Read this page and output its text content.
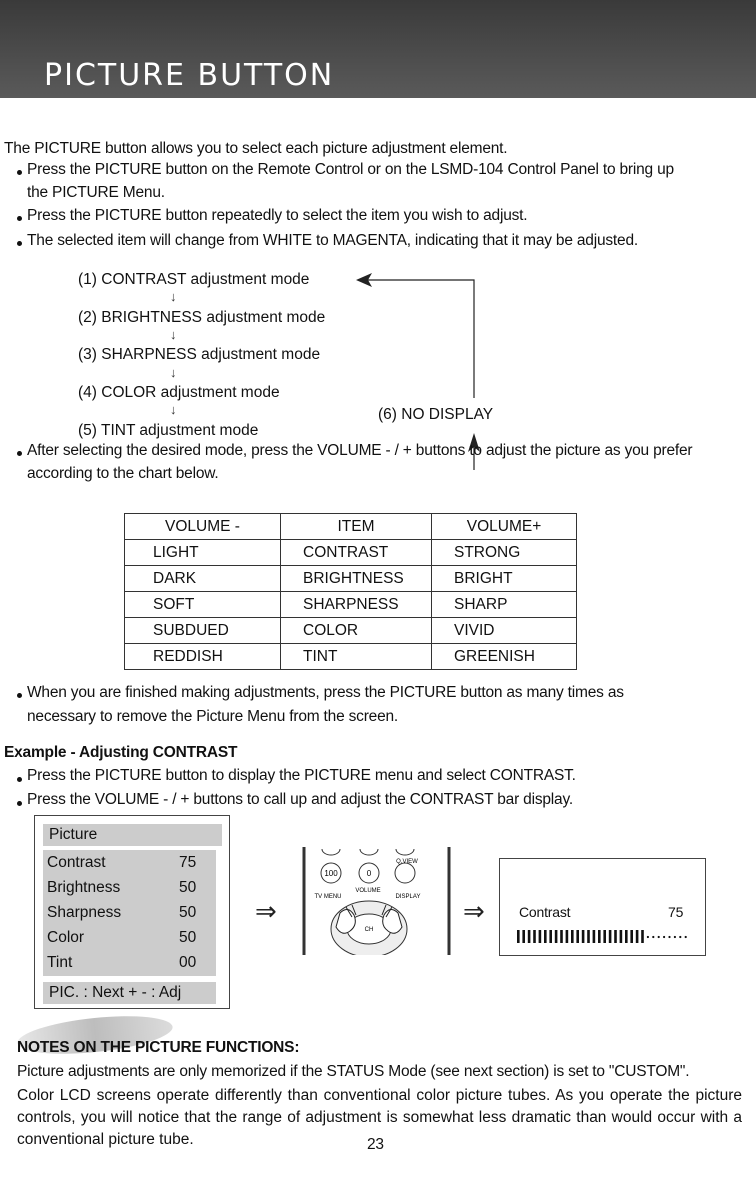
PICTURE BUTTON
The PICTURE button allows you to select each picture adjustment element.
Press the PICTURE button on the Remote Control or on the LSMD-104 Control Panel to bring up
the PICTURE Menu.
Press the PICTURE button repeatedly to select the item you wish to adjust.
The selected item will change from WHITE to MAGENTA, indicating that it may be adjusted.
(1) CONTRAST adjustment mode
↓
(2) BRIGHTNESS adjustment mode
↓
(3) SHARPNESS adjustment mode
↓
(4) COLOR adjustment mode
↓
(5) TINT adjustment mode
(6) NO DISPLAY
After selecting the desired mode, press the VOLUME - / + buttons to adjust the picture as you prefer
according to the chart below.
VOLUME -	ITEM	VOLUME+
LIGHT	CONTRAST	STRONG
DARK	BRIGHTNESS	BRIGHT
SOFT	SHARPNESS	SHARP
SUBDUED	COLOR	VIVID
REDDISH	TINT	GREENISH
When you are finished making adjustments, press the PICTURE button as many times as
necessary to remove the Picture Menu from the screen.
Example - Adjusting CONTRAST
Press the PICTURE button to display the PICTURE menu and select CONTRAST.
Press the VOLUME - / + buttons to call up and adjust the CONTRAST bar display.
Picture
Contrast	75
Brightness	50
Sharpness	50
Color	50
Tint	00
PIC. : Next + - : Adj
⇒	⇒
100	0
Q.VIEW
TV MENU
VOLUME
DISPLAY
CH
Contrast	75
NOTES ON THE PICTURE FUNCTIONS:
Picture adjustments are only memorized if the STATUS Mode (see next section) is set to "CUSTOM".
Color LCD screens operate differently than conventional color picture tubes. As you operate the picture controls, you will notice that the range of adjustment is somewhat less dramatic than would occur with a conventional picture tube.	23
